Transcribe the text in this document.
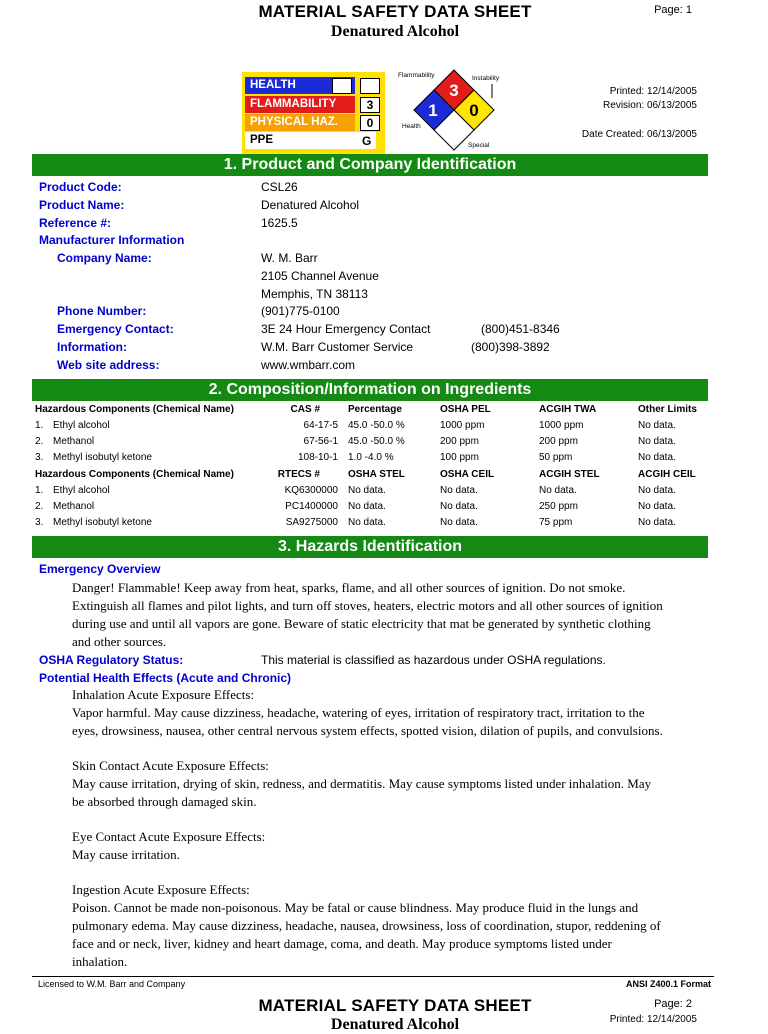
MATERIAL SAFETY DATA SHEET
Denatured Alcohol
Page: 1
Printed: 12/14/2005
Revision: 06/13/2005
Date Created: 06/13/2005
HEALTH
FLAMMABILITY	3
PHYSICAL HAZ.	0
PPE	G
3
1 0
Flammability	Instability
Health
Special
1. Product and Company Identification
Product Code:	CSL26
Product Name:	Denatured Alcohol
Reference #:	1625.5
Manufacturer Information
Company Name:	W. M. Barr
2105 Channel Avenue
Memphis, TN 38113
Phone Number:	(901)775-0100
Emergency Contact:	3E 24 Hour Emergency Contact	(800)451-8346
Information:	W.M. Barr Customer Service	(800)398-3892
Web site address:	www.wmbarr.com
2. Composition/Information on Ingredients
Hazardous Components (Chemical Name)	CAS #	Percentage	OSHA PEL	ACGIH TWA	Other Limits
1. Ethyl alcohol	64-17-5 45.0 -50.0 %	1000 ppm	1000 ppm	No data.
2. Methanol	67-56-1 45.0 -50.0 %	200 ppm	200 ppm	No data.
3. Methyl isobutyl ketone	108-10-1 1.0 -4.0 %	100 ppm	50 ppm	No data.
Hazardous Components (Chemical Name)	RTECS #	OSHA STEL	OSHA CEIL	ACGIH STEL	ACGIH CEIL
1. Ethyl alcohol	KQ6300000 No data.	No data.	No data.	No data.
2. Methanol	PC1400000 No data.	No data.	250 ppm	No data.
3. Methyl isobutyl ketone	SA9275000 No data.	No data.	75 ppm	No data.
3. Hazards Identification
Emergency Overview
Danger! Flammable! Keep away from heat, sparks, flame, and all other sources of ignition. Do not smoke.
Extinguish all flames and pilot lights, and turn off stoves, heaters, electric motors and all other sources of ignition
during use and until all vapors are gone. Beware of static electricity that mat be generated by synthetic clothing
and other sources.
OSHA Regulatory Status:	This material is classified as hazardous under OSHA regulations.
Potential Health Effects (Acute and Chronic)
Inhalation Acute Exposure Effects:
Vapor harmful. May cause dizziness, headache, watering of eyes, irritation of respiratory tract, irritation to the
eyes, drowsiness, nausea, other central nervous system effects, spotted vision, dilation of pupils, and convulsions.
Skin Contact Acute Exposure Effects:
May cause irritation, drying of skin, redness, and dermatitis. May cause symptoms listed under inhalation. May
be absorbed through damaged skin.
Eye Contact Acute Exposure Effects:
May cause irritation.
Ingestion Acute Exposure Effects:
Poison. Cannot be made non-poisonous. May be fatal or cause blindness. May produce fluid in the lungs and
pulmonary edema. May cause dizziness, headache, nausea, drowsiness, loss of coordination, stupor, reddening of
face and or neck, liver, kidney and heart damage, coma, and death. May produce symptoms listed under
inhalation.
Licensed to W.M. Barr and Company	ANSI Z400.1 Format
MATERIAL SAFETY DATA SHEET
Denatured Alcohol
Page: 2
Printed: 12/14/2005
